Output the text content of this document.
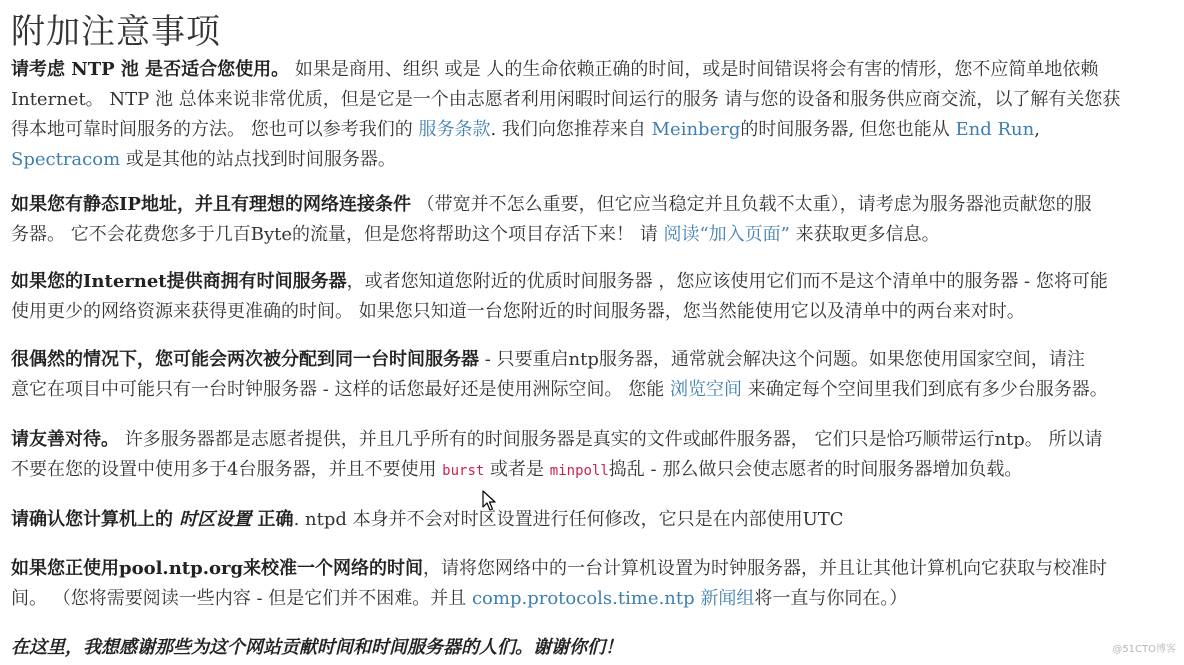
附加注意事项
请考虑 NTP 池 是否适合您使用。 如果是商用、组织 或是 人的生命依赖正确的时间，或是时间错误将会有害的情形，您不应简单地依赖
Internet。 NTP 池 总体来说非常优质，但是它是一个由志愿者利用闲暇时间运行的服务 请与您的设备和服务供应商交流，以了解有关您获
得本地可靠时间服务的方法。 您也可以参考我们的 服务条款. 我们向您推荐来自 Meinberg的时间服务器, 但您也能从 End Run,
Spectracom 或是其他的站点找到时间服务器。
如果您有静态IP地址，并且有理想的网络连接条件 （带宽并不怎么重要，但它应当稳定并且负载不太重），请考虑为服务器池贡献您的服
务器。 它不会花费您多于几百Byte的流量，但是您将帮助这个项目存活下来！ 请 阅读“加入页面” 来获取更多信息。
如果您的Internet提供商拥有时间服务器，或者您知道您附近的优质时间服务器 ，您应该使用它们而不是这个清单中的服务器 - 您将可能
使用更少的网络资源来获得更准确的时间。 如果您只知道一台您附近的时间服务器，您当然能使用它以及清单中的两台来对时。
很偶然的情况下，您可能会两次被分配到同一台时间服务器 - 只要重启ntp服务器，通常就会解决这个问题。如果您使用国家空间，请注
意它在项目中可能只有一台时钟服务器 - 这样的话您最好还是使用洲际空间。 您能 浏览空间 来确定每个空间里我们到底有多少台服务器。
请友善对待。 许多服务器都是志愿者提供，并且几乎所有的时间服务器是真实的文件或邮件服务器， 它们只是恰巧顺带运行ntp。 所以请
不要在您的设置中使用多于4台服务器，并且不要使用 burst 或者是 minpoll捣乱 - 那么做只会使志愿者的时间服务器增加负载。
请确认您计算机上的 时区设置 正确. ntpd 本身并不会对时区设置进行任何修改，它只是在内部使用UTC
如果您正使用pool.ntp.org来校准一个网络的时间，请将您网络中的一台计算机设置为时钟服务器，并且让其他计算机向它获取与校准时
间。 （您将需要阅读一些内容 - 但是它们并不困难。并且 comp.protocols.time.ntp 新闻组将一直与你同在。）
在这里，我想感谢那些为这个网站贡献时间和时间服务器的人们。谢谢你们！	@51CTO博客
